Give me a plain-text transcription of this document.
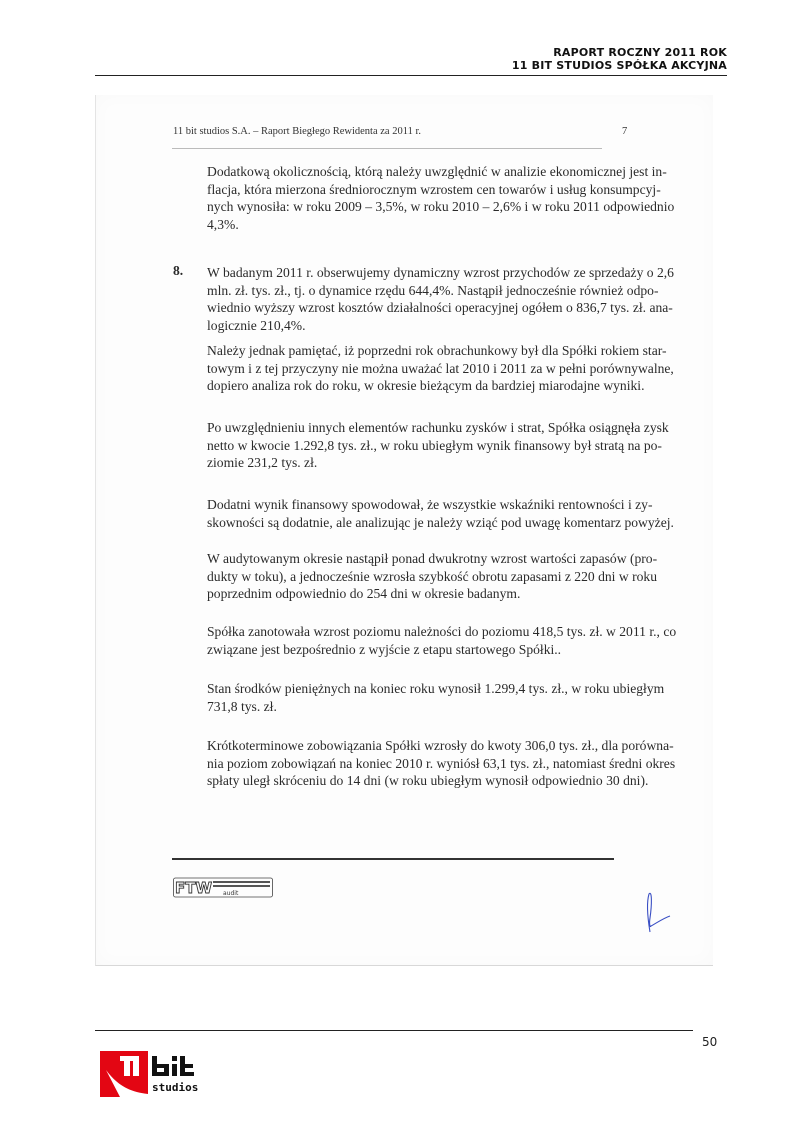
RAPORT ROCZNY 2011 ROK
11 BIT STUDIOS SPÓŁKA AKCYJNA
11 bit studios S.A. – Raport Biegłego Rewidenta za 2011 r.	7
8.
Dodatkową okolicznością, którą należy uwzględnić w analizie ekonomicznej jest in-
flacja, która mierzona średniorocznym wzrostem cen towarów i usług konsumpcyj-
nych wynosiła: w roku 2009 – 3,5%, w roku 2010 – 2,6% i w roku 2011 odpowiednio
4,3%.
W badanym 2011 r. obserwujemy dynamiczny wzrost przychodów ze sprzedaży o 2,6
mln. zł. tys. zł., tj. o dynamice rzędu 644,4%. Nastąpił jednocześnie również odpo-
wiednio wyższy wzrost kosztów działalności operacyjnej ogółem o 836,7 tys. zł. ana-
logicznie 210,4%.
Należy jednak pamiętać, iż poprzedni rok obrachunkowy był dla Spółki rokiem star-
towym i z tej przyczyny nie można uważać lat 2010 i 2011 za w pełni porównywalne,
dopiero analiza rok do roku, w okresie bieżącym da bardziej miarodajne wyniki.
Po uwzględnieniu innych elementów rachunku zysków i strat, Spółka osiągnęła zysk
netto w kwocie 1.292,8 tys. zł., w roku ubiegłym wynik finansowy był stratą na po-
ziomie 231,2 tys. zł.
Dodatni wynik finansowy spowodował, że wszystkie wskaźniki rentowności i zy-
skowności są dodatnie, ale analizując je należy wziąć pod uwagę komentarz powyżej.
W audytowanym okresie nastąpił ponad dwukrotny wzrost wartości zapasów (pro-
dukty w toku), a jednocześnie wzrosła szybkość obrotu zapasami z 220 dni w roku
poprzednim odpowiednio do 254 dni w okresie badanym.
Spółka zanotowała wzrost poziomu należności do poziomu 418,5 tys. zł. w 2011 r., co
związane jest bezpośrednio z wyjście z etapu startowego Spółki..
Stan środków pieniężnych na koniec roku wynosił 1.299,4 tys. zł., w roku ubiegłym
731,8 tys. zł.
Krótkoterminowe zobowiązania Spółki wzrosły do kwoty 306,0 tys. zł., dla porówna-
nia poziom zobowiązań na koniec 2010 r. wyniósł 63,1 tys. zł., natomiast średni okres
spłaty uległ skróceniu do 14 dni (w roku ubiegłym wynosił odpowiednio 30 dni).
FTW audit
50
studios
